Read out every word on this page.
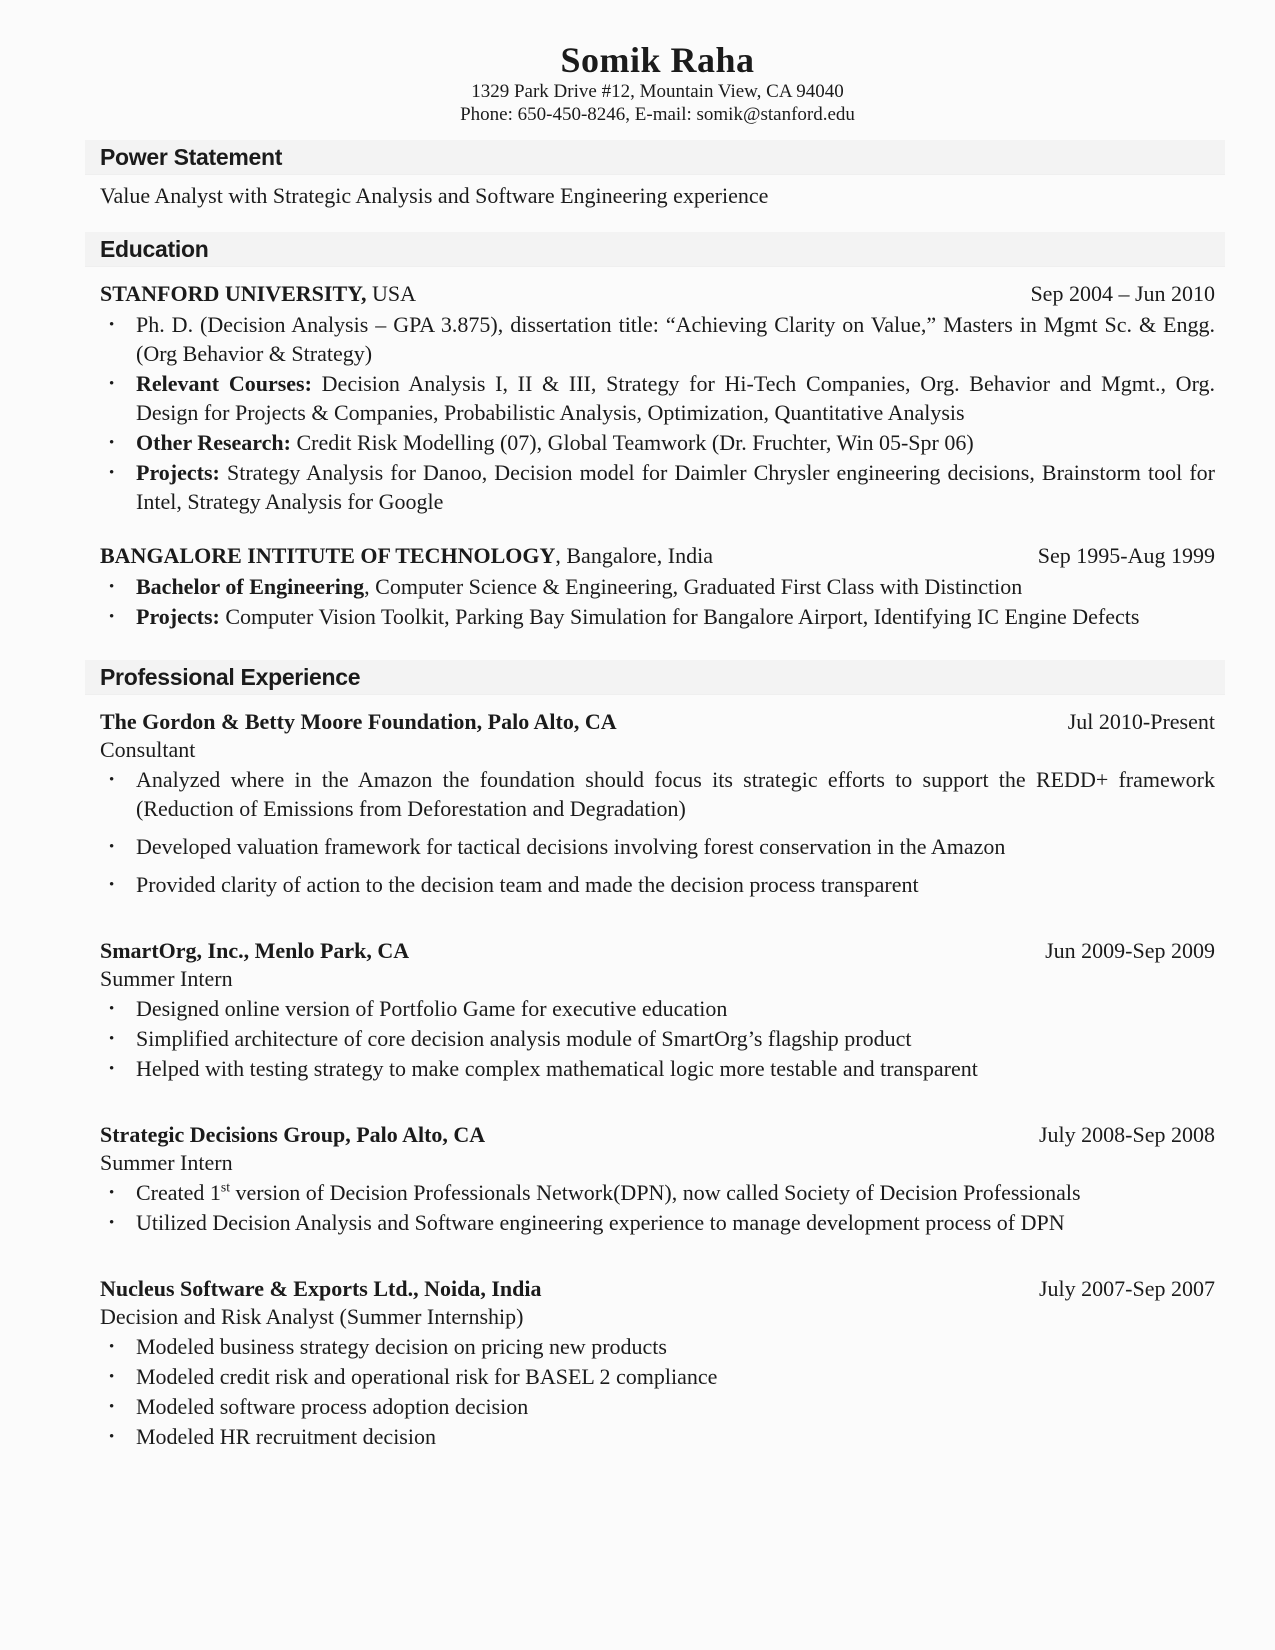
Somik Raha
1329 Park Drive #12, Mountain View, CA 94040
Phone: 650-450-8246, E-mail: somik@stanford.edu
Power Statement

Value Analyst with Strategic Analysis and Software Engineering experience

Education
STANFORD UNIVERSITY, USA	Sep 2004 – Jun 2010
• Ph. D. (Decision Analysis – GPA 3.875), dissertation title: “Achieving Clarity on Value,” Masters in Mgmt Sc. & Engg. (Org Behavior & Strategy)
• Relevant Courses: Decision Analysis I, II & III, Strategy for Hi-Tech Companies, Org. Behavior and Mgmt., Org. Design for Projects & Companies, Probabilistic Analysis, Optimization, Quantitative Analysis
• Other Research: Credit Risk Modelling (07), Global Teamwork (Dr. Fruchter, Win 05-Spr 06)
• Projects: Strategy Analysis for Danoo, Decision model for Daimler Chrysler engineering decisions, Brainstorm tool for Intel, Strategy Analysis for Google
BANGALORE INTITUTE OF TECHNOLOGY, Bangalore, India	Sep 1995-Aug 1999
• Bachelor of Engineering, Computer Science & Engineering, Graduated First Class with Distinction
• Projects: Computer Vision Toolkit, Parking Bay Simulation for Bangalore Airport, Identifying IC Engine Defects
Professional Experience
The Gordon & Betty Moore Foundation, Palo Alto, CA	Jul 2010-Present
Consultant
• Analyzed where in the Amazon the foundation should focus its strategic efforts to support the REDD+ framework (Reduction of Emissions from Deforestation and Degradation)
• Developed valuation framework for tactical decisions involving forest conservation in the Amazon
• Provided clarity of action to the decision team and made the decision process transparent
SmartOrg, Inc., Menlo Park, CA	Jun 2009-Sep 2009
Summer Intern
• Designed online version of Portfolio Game for executive education
• Simplified architecture of core decision analysis module of SmartOrg’s flagship product
• Helped with testing strategy to make complex mathematical logic more testable and transparent
Strategic Decisions Group, Palo Alto, CA	July 2008-Sep 2008
Summer Intern
• Created 1st version of Decision Professionals Network(DPN), now called Society of Decision Professionals
• Utilized Decision Analysis and Software engineering experience to manage development process of DPN
Nucleus Software & Exports Ltd., Noida, India	July 2007-Sep 2007
Decision and Risk Analyst (Summer Internship)
• Modeled business strategy decision on pricing new products
• Modeled credit risk and operational risk for BASEL 2 compliance
• Modeled software process adoption decision
• Modeled HR recruitment decision
